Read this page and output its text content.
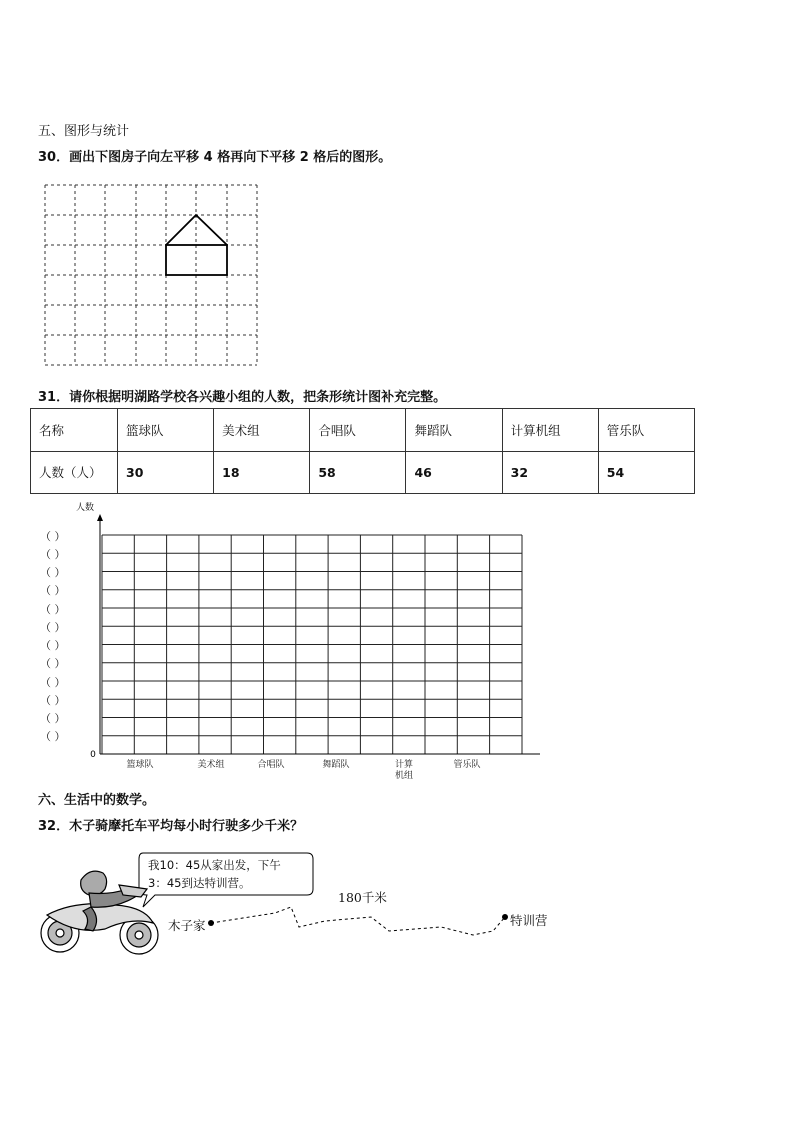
五、图形与统计
30．画出下图房子向左平移 4 格再向下平移 2 格后的图形。
31．请你根据明湖路学校各兴趣小组的人数，把条形统计图补充完整。
名称	篮球队	美术组	合唱队	舞蹈队	计算机组	管乐队
人数（人）	30	18	58	46	32	54
人数
0
（ ）
（ ）
（ ）
（ ）
（ ）
（ ）
（ ）
（ ）
（ ）
（ ）
（ ）
（ ）
篮球队	美术组	合唱队	舞蹈队	计算
机组
管乐队
六、生活中的数学。
32．木子骑摩托车平均每小时行驶多少千米？
我10：45从家出发，下午
3：45到达特训营。
180千米
木子家	特训营
